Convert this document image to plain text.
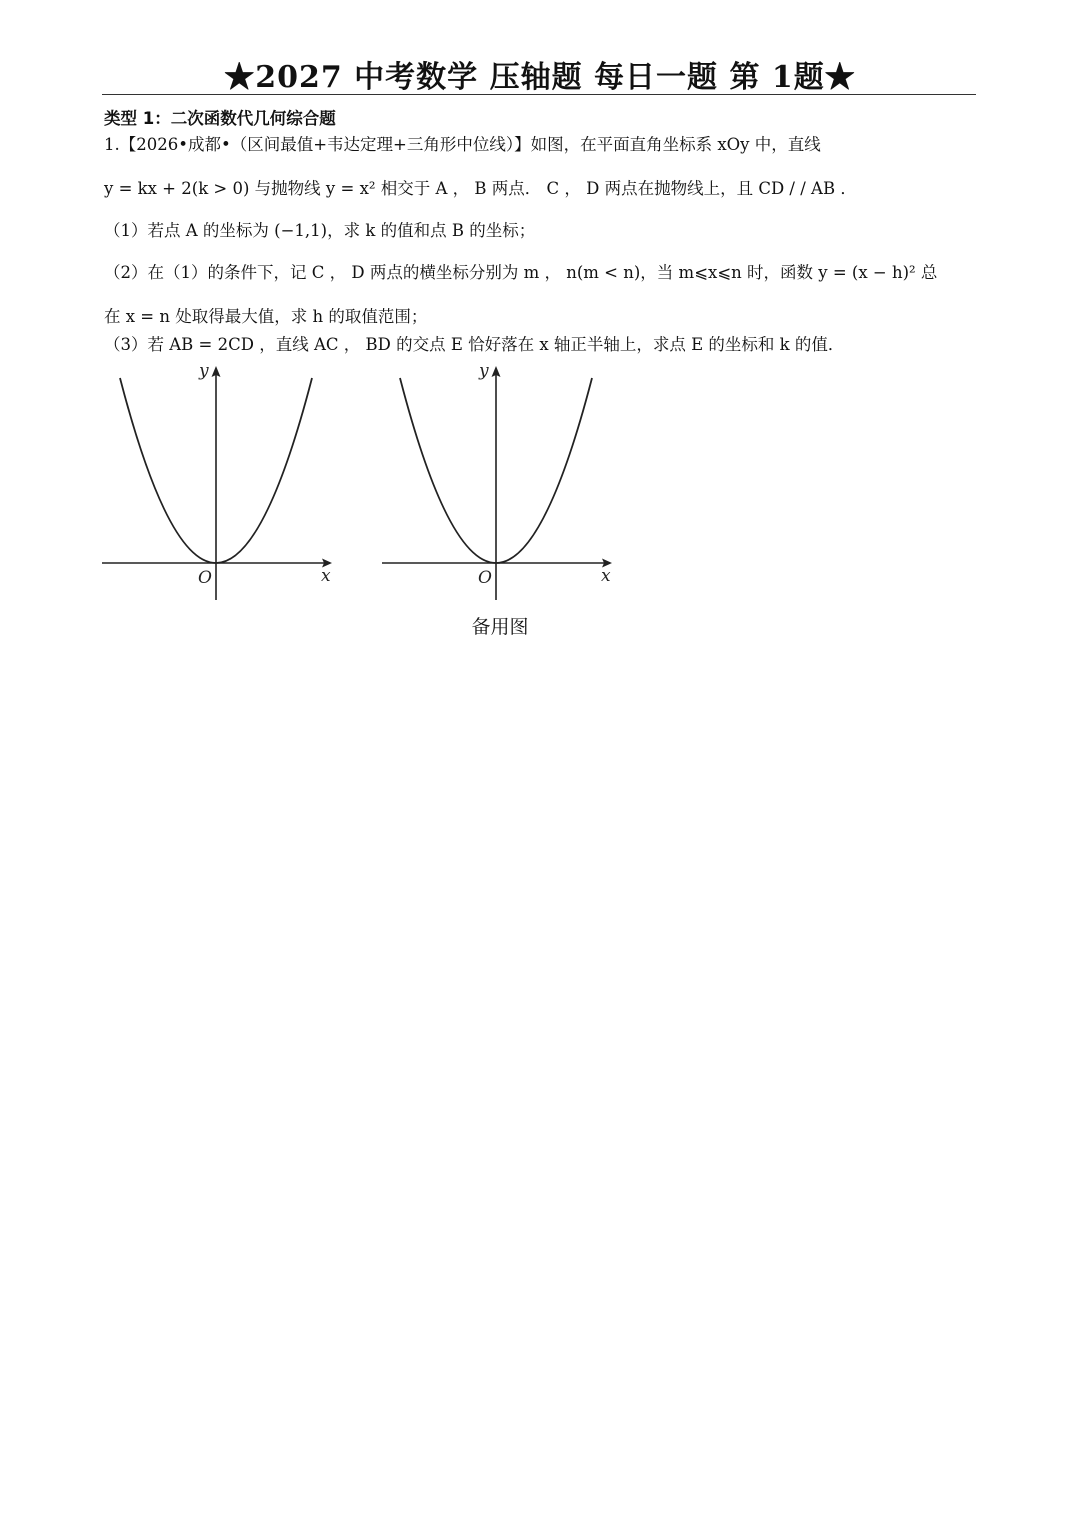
★2027 中考数学 压轴题 每日一题 第 1题★
类型 1：二次函数代几何综合题
1.【2026•成都•（区间最值+韦达定理+三角形中位线）】如图，在平面直角坐标系 xOy 中，直线
y = kx + 2(k > 0) 与抛物线 y = x² 相交于 A ， B 两点． C ， D 两点在抛物线上，且 CD / / AB ．
（1）若点 A 的坐标为 (−1,1)，求 k 的值和点 B 的坐标；
（2）在（1）的条件下，记 C ， D 两点的横坐标分别为 m ， n(m < n)，当 m⩽x⩽n 时，函数 y = (x − h)² 总
在 x = n 处取得最大值，求 h 的取值范围；
（3）若 AB = 2CD ，直线 AC ， BD 的交点 E 恰好落在 x 轴正半轴上，求点 E 的坐标和 k 的值．
y
x
O
y
x
O
备用图
